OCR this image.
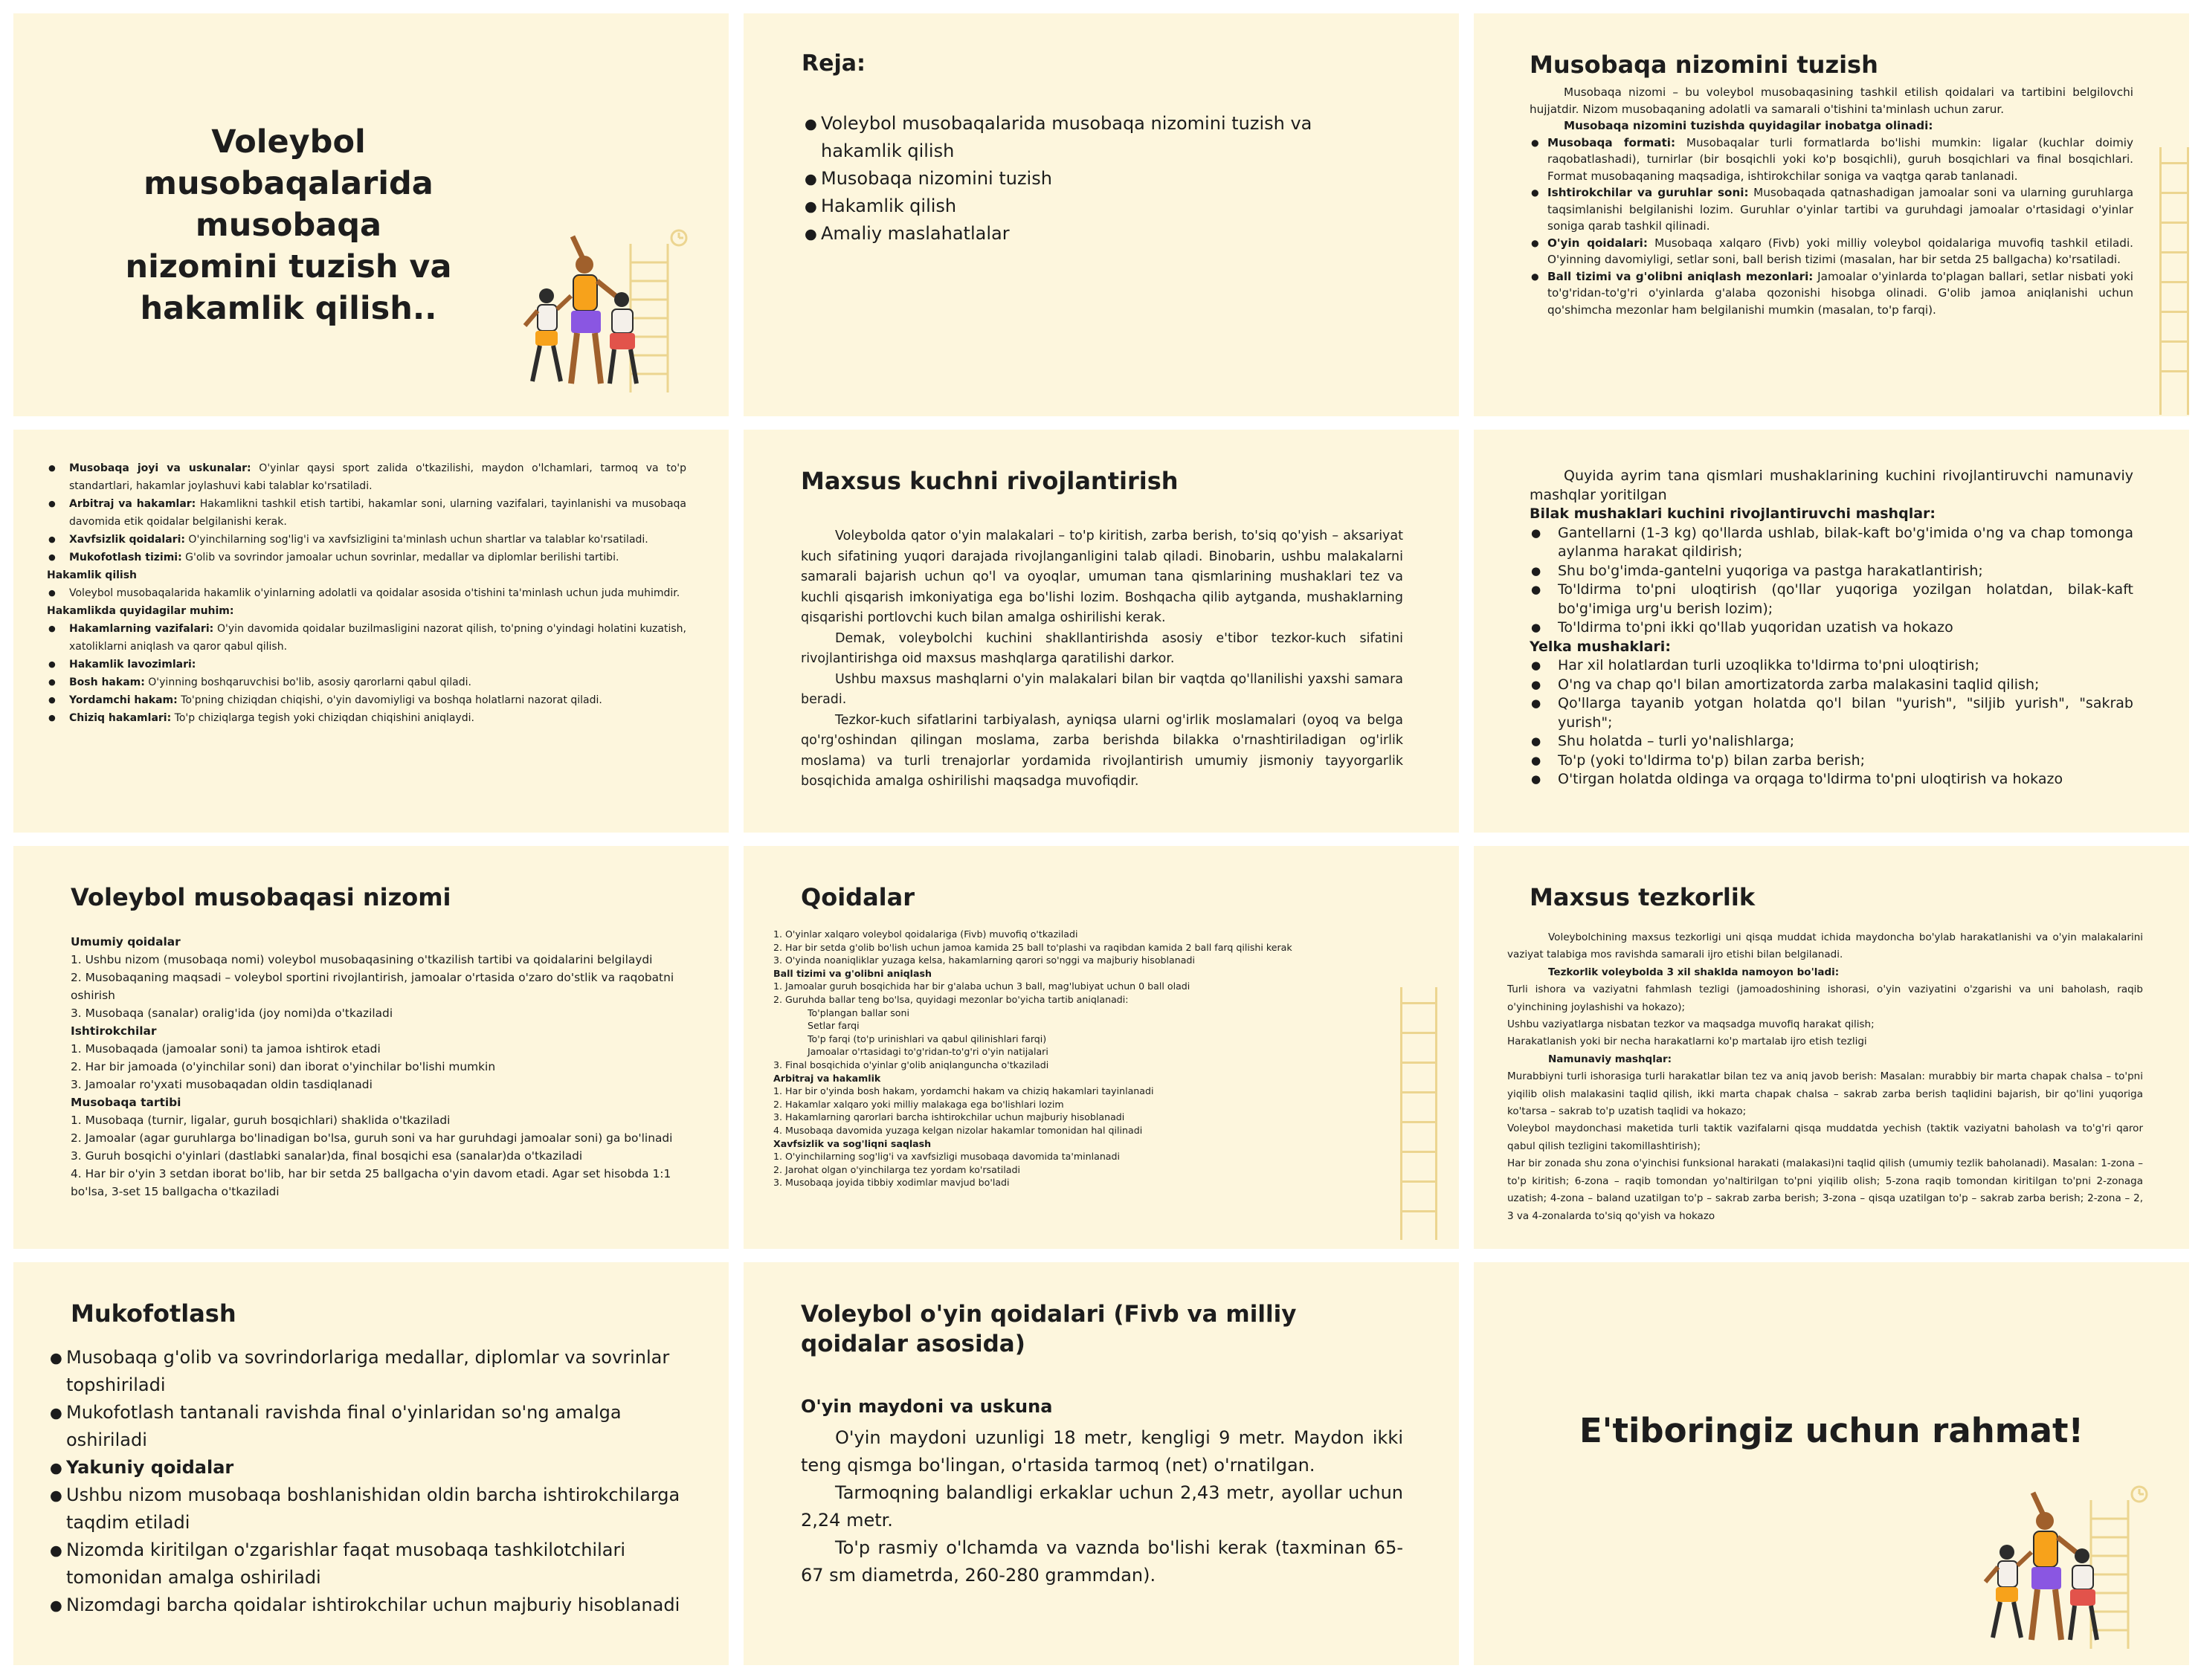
Voleybol musobaqalarida musobaqa nizomini tuzish va hakamlik qilish..
Reja:
● Voleybol musobaqalarida musobaqa nizomini tuzish va hakamlik qilish
● Musobaqa nizomini tuzish
● Hakamlik qilish
● Amaliy maslahatlalar
Musobaqa nizomini tuzish

Musobaqa nizomi – bu voleybol musobaqasining tashkil etilish qoidalari va tartibini belgilovchi hujjatdir. Nizom musobaqaning adolatli va samarali o'tishini ta'minlash uchun zarur.

Musobaqa nizomini tuzishda quyidagilar inobatga olinadi:

● Musobaqa formati: Musobaqalar turli formatlarda bo'lishi mumkin: ligalar (kuchlar doimiy raqobatlashadi), turnirlar (bir bosqichli yoki ko'p bosqichli), guruh bosqichlari va final bosqichlari. Format musobaqaning maqsadiga, ishtirokchilar soniga va vaqtga qarab tanlanadi.
● Ishtirokchilar va guruhlar soni: Musobaqada qatnashadigan jamoalar soni va ularning guruhlarga taqsimlanishi belgilanishi lozim. Guruhlar o'yinlar tartibi va guruhdagi jamoalar o'rtasidagi o'yinlar soniga qarab tashkil qilinadi.
● O'yin qoidalari: Musobaqa xalqaro (Fivb) yoki milliy voleybol qoidalariga muvofiq tashkil etiladi. O'yinning davomiyligi, setlar soni, ball berish tizimi (masalan, har bir setda 25 ballgacha) ko'rsatiladi.
● Ball tizimi va g'olibni aniqlash mezonlari: Jamoalar o'yinlarda to'plagan ballari, setlar nisbati yoki to'g'ridan-to'g'ri o'yinlarda g'alaba qozonishi hisobga olinadi. G'olib jamoa aniqlanishi uchun qo'shimcha mezonlar ham belgilanishi mumkin (masalan, to'p farqi).
● Musobaqa joyi va uskunalar: O'yinlar qaysi sport zalida o'tkazilishi, maydon o'lchamlari, tarmoq va to'p standartlari, hakamlar joylashuvi kabi talablar ko'rsatiladi.
● Arbitraj va hakamlar: Hakamlikni tashkil etish tartibi, hakamlar soni, ularning vazifalari, tayinlanishi va musobaqa davomida etik qoidalar belgilanishi kerak.
● Xavfsizlik qoidalari: O'yinchilarning sog'lig'i va xavfsizligini ta'minlash uchun shartlar va talablar ko'rsatiladi.
● Mukofotlash tizimi: G'olib va sovrindor jamoalar uchun sovrinlar, medallar va diplomlar berilishi tartibi.

Hakamlik qilish

● Voleybol musobaqalarida hakamlik o'yinlarning adolatli va qoidalar asosida o'tishini ta'minlash uchun juda muhimdir.

Hakamlikda quyidagilar muhim:

● Hakamlarning vazifalari: O'yin davomida qoidalar buzilmasligini nazorat qilish, to'pning o'yindagi holatini kuzatish, xatoliklarni aniqlash va qaror qabul qilish.
● Hakamlik lavozimlari:
● Bosh hakam: O'yinning boshqaruvchisi bo'lib, asosiy qarorlarni qabul qiladi.
● Yordamchi hakam: To'pning chiziqdan chiqishi, o'yin davomiyligi va boshqa holatlarni nazorat qiladi.
● Chiziq hakamlari: To'p chiziqlarga tegish yoki chiziqdan chiqishini aniqlaydi.
Maxsus kuchni rivojlantirish

Voleybolda qator o'yin malakalari – to'p kiritish, zarba berish, to'siq qo'yish – aksariyat kuch sifatining yuqori darajada rivojlanganligini talab qiladi. Binobarin, ushbu malakalarni samarali bajarish uchun qo'l va oyoqlar, umuman tana qismlarining mushaklari tez va kuchli qisqarish imkoniyatiga ega bo'lishi lozim. Boshqacha qilib aytganda, mushaklarning qisqarishi portlovchi kuch bilan amalga oshirilishi kerak.

Demak, voleybolchi kuchini shakllantirishda asosiy e'tibor tezkor-kuch sifatini rivojlantirishga oid maxsus mashqlarga qaratilishi darkor.

Ushbu maxsus mashqlarni o'yin malakalari bilan bir vaqtda qo'llanilishi yaxshi samara beradi.

Tezkor-kuch sifatlarini tarbiyalash, ayniqsa ularni og'irlik moslamalari (oyoq va belga qo'rg'oshindan qilingan moslama, zarba berishda bilakka o'rnashtiriladigan og'irlik moslama) va turli trenajorlar yordamida rivojlantirish umumiy jismoniy tayyorgarlik bosqichida amalga oshirilishi maqsadga muvofiqdir.

Quyida ayrim tana qismlari mushaklarining kuchini rivojlantiruvchi namunaviy mashqlar yoritilgan

Bilak mushaklari kuchini rivojlantiruvchi mashqlar:

● Gantellarni (1-3 kg) qo'llarda ushlab, bilak-kaft bo'g'imida o'ng va chap tomonga aylanma harakat qildirish;
● Shu bo'g'imda-gantelni yuqoriga va pastga harakatlantirish;
● To'ldirma to'pni uloqtirish (qo'llar yuqoriga yozilgan holatdan, bilak-kaft bo'g'imiga urg'u berish lozim);
● To'ldirma to'pni ikki qo'llab yuqoridan uzatish va hokazo

Yelka mushaklari:

● Har xil holatlardan turli uzoqlikka to'ldirma to'pni uloqtirish;
● O'ng va chap qo'l bilan amortizatorda zarba malakasini taqlid qilish;
● Qo'llarga tayanib yotgan holatda qo'l bilan "yurish", "siljib yurish", "sakrab yurish";
● Shu holatda – turli yo'nalishlarga;
● To'p (yoki to'ldirma to'p) bilan zarba berish;
● O'tirgan holatda oldinga va orqaga to'ldirma to'pni uloqtirish va hokazo
Voleybol musobaqasi nizomi

Umumiy qoidalar

1. Ushbu nizom (musobaqa nomi) voleybol musobaqasining o'tkazilish tartibi va qoidalarini belgilaydi

2. Musobaqaning maqsadi – voleybol sportini rivojlantirish, jamoalar o'rtasida o'zaro do'stlik va raqobatni oshirish

3. Musobaqa (sanalar) oralig'ida (joy nomi)da o'tkaziladi

Ishtirokchilar

1. Musobaqada (jamoalar soni) ta jamoa ishtirok etadi

2. Har bir jamoada (o'yinchilar soni) dan iborat o'yinchilar bo'lishi mumkin

3. Jamoalar ro'yxati musobaqadan oldin tasdiqlanadi

Musobaqa tartibi

1. Musobaqa (turnir, ligalar, guruh bosqichlari) shaklida o'tkaziladi

2. Jamoalar (agar guruhlarga bo'linadigan bo'lsa, guruh soni va har guruhdagi jamoalar soni) ga bo'linadi

3. Guruh bosqichi o'yinlari (dastlabki sanalar)da, final bosqichi esa (sanalar)da o'tkaziladi

4. Har bir o'yin 3 setdan iborat bo'lib, har bir setda 25 ballgacha o'yin davom etadi. Agar set hisobda 1:1 bo'lsa, 3-set 15 ballgacha o'tkaziladi

Qoidalar

1. O'yinlar xalqaro voleybol qoidalariga (Fivb) muvofiq o'tkaziladi

2. Har bir setda g'olib bo'lish uchun jamoa kamida 25 ball to'plashi va raqibdan kamida 2 ball farq qilishi kerak

3. O'yinda noaniqliklar yuzaga kelsa, hakamlarning qarori so'nggi va majburiy hisoblanadi

Ball tizimi va g'olibni aniqlash

1. Jamoalar guruh bosqichida har bir g'alaba uchun 3 ball, mag'lubiyat uchun 0 ball oladi

2. Guruhda ballar teng bo'lsa, quyidagi mezonlar bo'yicha tartib aniqlanadi:

To'plangan ballar soni

Setlar farqi

To'p farqi (to'p urinishlari va qabul qilinishlari farqi)

Jamoalar o'rtasidagi to'g'ridan-to'g'ri o'yin natijalari

3. Final bosqichida o'yinlar g'olib aniqlanguncha o'tkaziladi

Arbitraj va hakamlik

1. Har bir o'yinda bosh hakam, yordamchi hakam va chiziq hakamlari tayinlanadi

2. Hakamlar xalqaro yoki milliy malakaga ega bo'lishlari lozim

3. Hakamlarning qarorlari barcha ishtirokchilar uchun majburiy hisoblanadi

4. Musobaqa davomida yuzaga kelgan nizolar hakamlar tomonidan hal qilinadi

Xavfsizlik va sog'liqni saqlash

1. O'yinchilarning sog'lig'i va xavfsizligi musobaqa davomida ta'minlanadi

2. Jarohat olgan o'yinchilarga tez yordam ko'rsatiladi

3. Musobaqa joyida tibbiy xodimlar mavjud bo'ladi

Maxsus tezkorlik

Voleybolchining maxsus tezkorligi uni qisqa muddat ichida maydoncha bo'ylab harakatlanishi va o'yin malakalarini vaziyat talabiga mos ravishda samarali ijro etishi bilan belgilanadi.

Tezkorlik voleybolda 3 xil shaklda namoyon bo'ladi:

Turli ishora va vaziyatni fahmlash tezligi (jamoadoshining ishorasi, o'yin vaziyatini o'zgarishi va uni baholash, raqib o'yinchining joylashishi va hokazo);

Ushbu vaziyatlarga nisbatan tezkor va maqsadga muvofiq harakat qilish;

Harakatlanish yoki bir necha harakatlarni ko'p martalab ijro etish tezligi

Namunaviy mashqlar:

Murabbiyni turli ishorasiga turli harakatlar bilan tez va aniq javob berish: Masalan: murabbiy bir marta chapak chalsa – to'pni yiqilib olish malakasini taqlid qilish, ikki marta chapak chalsa – sakrab zarba berish taqlidini bajarish, bir qo'lini yuqoriga ko'tarsa – sakrab to'p uzatish taqlidi va hokazo;

Voleybol maydonchasi maketida turli taktik vazifalarni qisqa muddatda yechish (taktik vaziyatni baholash va to'g'ri qaror qabul qilish tezligini takomillashtirish);

Har bir zonada shu zona o'yinchisi funksional harakati (malakasi)ni taqlid qilish (umumiy tezlik baholanadi). Masalan: 1-zona – to'p kiritish; 6-zona – raqib tomondan yo'naltirilgan to'pni yiqilib olish; 5-zona raqib tomondan kiritilgan to'pni 2-zonaga uzatish; 4-zona – baland uzatilgan to'p – sakrab zarba berish; 3-zona – qisqa uzatilgan to'p – sakrab zarba berish; 2-zona – 2, 3 va 4-zonalarda to'siq qo'yish va hokazo

Mukofotlash
● Musobaqa g'olib va sovrindorlariga medallar, diplomlar va sovrinlar topshiriladi
● Mukofotlash tantanali ravishda final o'yinlaridan so'ng amalga oshiriladi
● Yakuniy qoidalar
● Ushbu nizom musobaqa boshlanishidan oldin barcha ishtirokchilarga taqdim etiladi
● Nizomda kiritilgan o'zgarishlar faqat musobaqa tashkilotchilari tomonidan amalga oshiriladi
● Nizomdagi barcha qoidalar ishtirokchilar uchun majburiy hisoblanadi
Voleybol o'yin qoidalari (Fivb va milliy qoidalar asosida)

O'yin maydoni va uskuna

O'yin maydoni uzunligi 18 metr, kengligi 9 metr. Maydon ikki teng qismga bo'lingan, o'rtasida tarmoq (net) o'rnatilgan.

Tarmoqning balandligi erkaklar uchun 2,43 metr, ayollar uchun 2,24 metr.

To'p rasmiy o'lchamda va vaznda bo'lishi kerak (taxminan 65-67 sm diametrda, 260-280 grammdan).

E'tiboringiz uchun rahmat!
